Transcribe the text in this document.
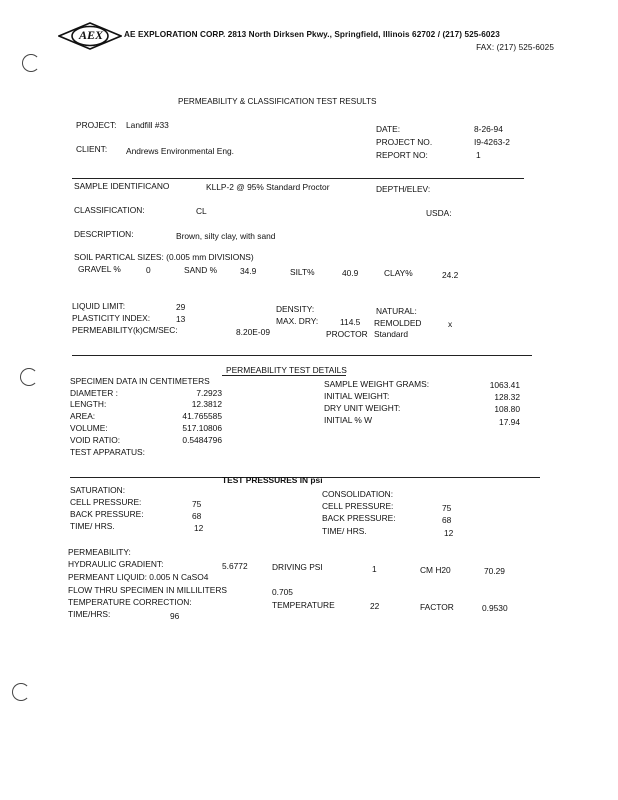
AEX	AE EXPLORATION CORP. 2813 North Dirksen Pkwy., Springfield, Illinois 62702 / (217) 525-6023
FAX: (217) 525-6025
PERMEABILITY & CLASSIFICATION TEST RESULTS
PROJECT: Landfill #33
CLIENT: Andrews Environmental Eng.
DATE:	8-26-94
PROJECT NO.	I9-4263-2
REPORT NO:	1
SAMPLE IDENTIFICANO	KLLP-2 @ 95% Standard Proctor	DEPTH/ELEV:
CLASSIFICATION:	CL	USDA:
DESCRIPTION:	Brown, silty clay, with sand
SOIL PARTICAL SIZES: (0.005 mm DIVISIONS)
GRAVEL %	0	SAND %	34.9	SILT%	40.9	CLAY%	24.2
LIQUID LIMIT:	29
PLASTICITY INDEX:	13
PERMEABILITY(k)CM/SEC:	8.20E-09
DENSITY:
MAX. DRY:	114.5
PROCTOR Standard
NATURAL:
REMOLDED	x
PERMEABILITY TEST DETAILS
SPECIMEN DATA IN CENTIMETERS
DIAMETER :	7.2923
LENGTH:	12.3812
AREA:	41.765585
VOLUME:	517.10806
VOID RATIO:	0.5484796
TEST APPARATUS:
SAMPLE WEIGHT GRAMS:	1063.41
INITIAL WEIGHT:	128.32
DRY UNIT WEIGHT:	108.80
INITIAL % W	17.94
TEST PRESSURES IN psi
SATURATION:
CELL PRESSURE:	75
BACK PRESSURE:	68
TIME/ HRS.	12
CONSOLIDATION:
CELL PRESSURE:	75
BACK PRESSURE:	68
TIME/ HRS.	12
PERMEABILITY:
HYDRAULIC GRADIENT:	5.6772	DRIVING PSI	1	CM H20	70.29
PERMEANT LIQUID: 0.005 N CaSO4
FLOW THRU SPECIMEN IN MILLILITERS	0.705
TEMPERATURE CORRECTION:	TEMPERATURE	22	FACTOR	0.9530
TIME/HRS:	96
